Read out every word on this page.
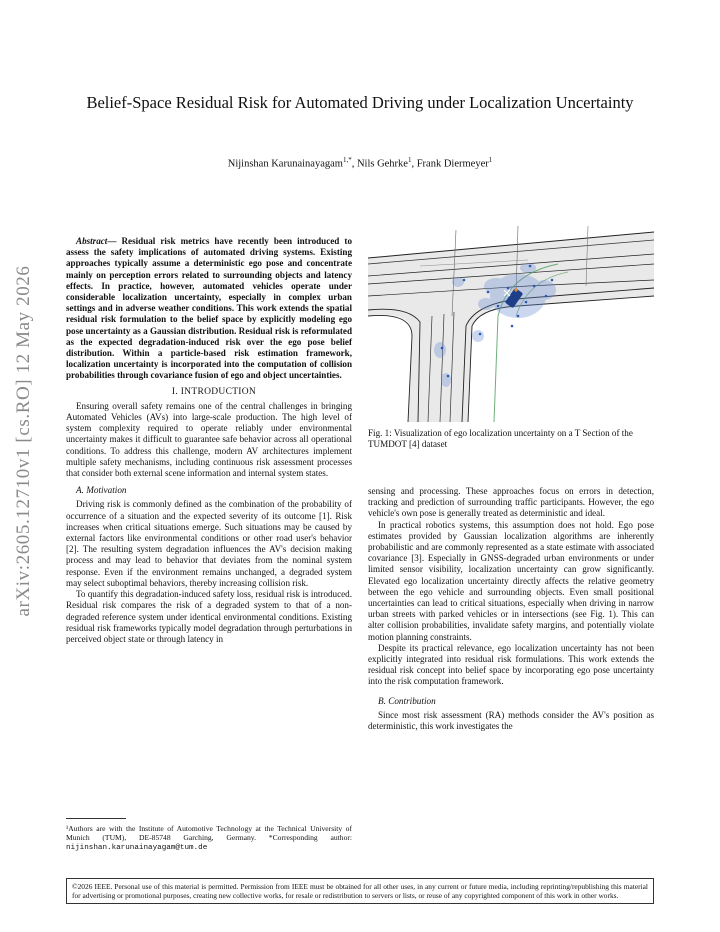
Belief-Space Residual Risk for Automated Driving under Localization Uncertainty
Nijinshan Karunainayagam$^{1,*}$, Nils Gehrke$^1$, Frank Diermeyer$^1$
arXiv:2605.12710v1 [cs.RO] 12 May 2026

Abstract— Residual risk metrics have recently been introduced to assess the safety implications of automated driving systems. Existing approaches typically assume a deterministic ego pose and concentrate mainly on perception errors related to surrounding objects and latency effects. In practice, however, automated vehicles operate under considerable localization uncertainty, especially in complex urban settings and in adverse weather conditions. This work extends the spatial residual risk formulation to the belief space by explicitly modeling ego pose uncertainty as a Gaussian distribution. Residual risk is reformulated as the expected degradation-induced risk over the ego pose belief distribution. Within a particle-based risk estimation framework, localization uncertainty is incorporated into the computation of collision probabilities through covariance fusion of ego and object uncertainties.

I. INTRODUCTION

Ensuring overall safety remains one of the central challenges in bringing Automated Vehicles (AVs) into large-scale production. The high level of system complexity required to operate reliably under environmental uncertainty makes it difficult to guarantee safe behavior across all operational conditions. To address this challenge, modern AV architectures implement multiple safety mechanisms, including continuous risk assessment processes that consider both external scene information and internal system states.

A. Motivation

Driving risk is commonly defined as the combination of the probability of occurrence of a situation and the expected severity of its outcome [1]. Risk increases when critical situations emerge. Such situations may be caused by external factors like environmental conditions or other road user's behavior [2]. The resulting system degradation influences the AV's decision making process and may lead to behavior that deviates from the nominal system response. Even if the environment remains unchanged, a degraded system may select suboptimal behaviors, thereby increasing collision risk.

To quantify this degradation-induced safety loss, residual risk is introduced. Residual risk compares the risk of a degraded system to that of a non-degraded reference system under identical environmental conditions. Existing residual risk frameworks typically model degradation through perturbations in perceived object state or through latency in

¹Authors are with the Institute of Automotive Technology at the Technical University of Munich (TUM), DE-85748 Garching, Germany. *Corresponding author: nijinshan.karunainayagam@tum.de
Fig. 1: Visualization of ego localization uncertainty on a T Section of the TUMDOT [4] dataset

sensing and processing. These approaches focus on errors in detection, tracking and prediction of surrounding traffic participants. However, the ego vehicle's own pose is generally treated as deterministic and ideal.

In practical robotics systems, this assumption does not hold. Ego pose estimates provided by Gaussian localization algorithms are inherently probabilistic and are commonly represented as a state estimate with associated covariance [3]. Especially in GNSS-degraded urban environments or under limited sensor visibility, localization uncertainty can grow significantly. Elevated ego localization uncertainty directly affects the relative geometry between the ego vehicle and surrounding objects. Even small positional uncertainties can lead to critical situations, especially when driving in narrow urban streets with parked vehicles or in intersections (see Fig. 1). This can alter collision probabilities, invalidate safety margins, and potentially violate motion planning constraints.

Despite its practical relevance, ego localization uncertainty has not been explicitly integrated into residual risk formulations. This work extends the residual risk concept into belief space by incorporating ego pose uncertainty into the risk computation framework.

B. Contribution

Since most risk assessment (RA) methods consider the AV's position as deterministic, this work investigates the

©2026 IEEE. Personal use of this material is permitted. Permission from IEEE must be obtained for all other uses, in any current or future media, including reprinting/republishing this material for advertising or promotional purposes, creating new collective works, for resale or redistribution to servers or lists, or reuse of any copyrighted component of this work in other works.
